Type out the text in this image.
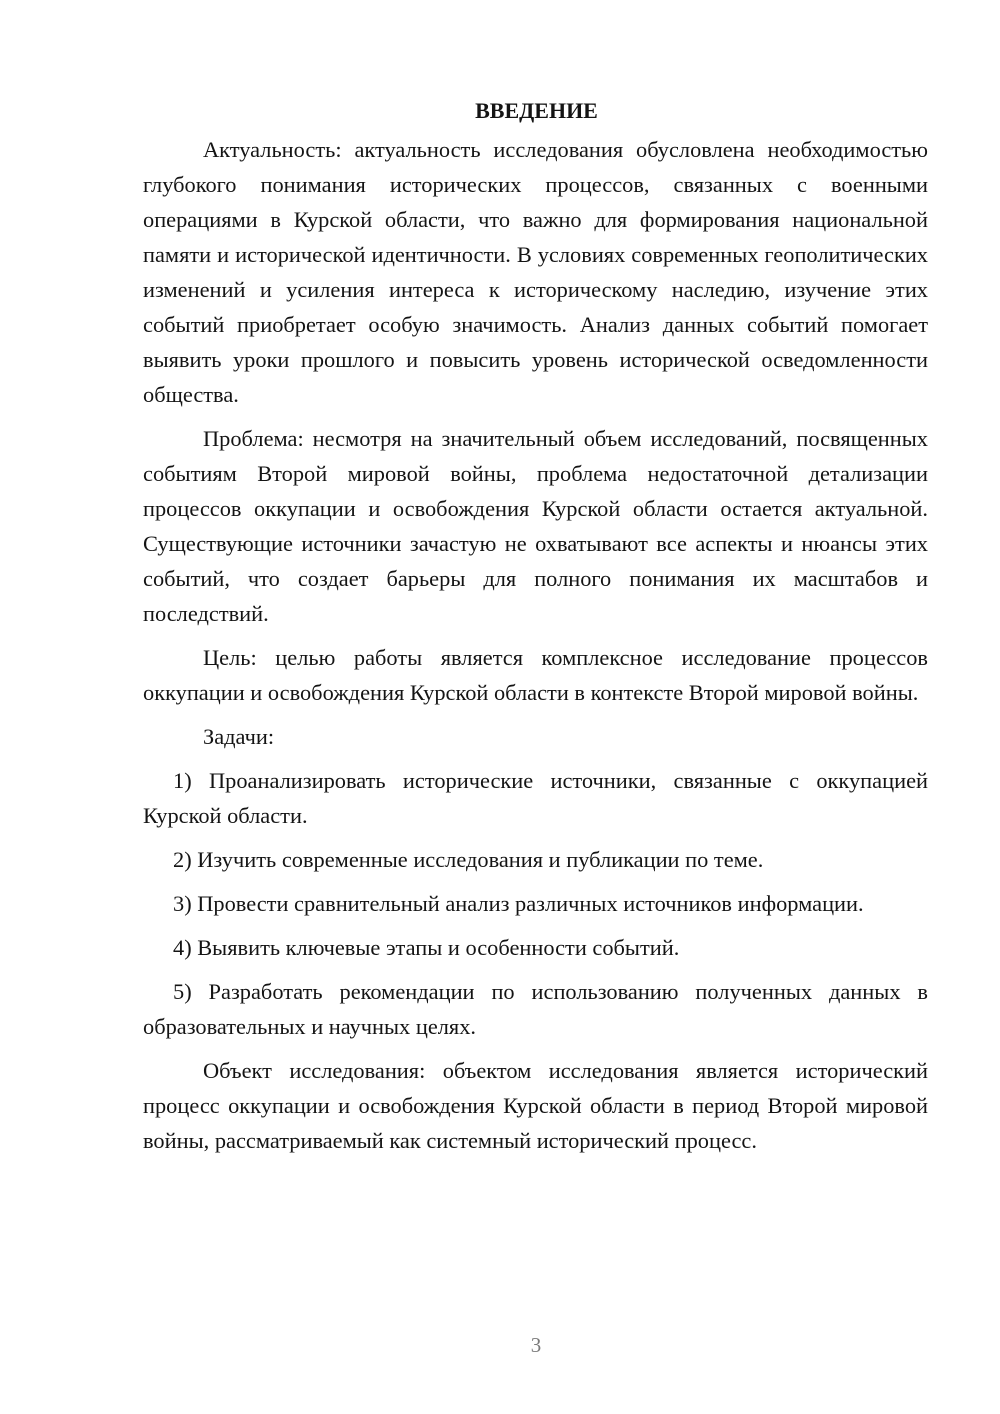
ВВЕДЕНИЕ

Актуальность: актуальность исследования обусловлена необходимостью глубокого понимания исторических процессов, связанных с военными операциями в Курской области, что важно для формирования национальной памяти и исторической идентичности. В условиях современных геополитических изменений и усиления интереса к историческому наследию, изучение этих событий приобретает особую значимость. Анализ данных событий помогает выявить уроки прошлого и повысить уровень исторической осведомленности общества.

Проблема: несмотря на значительный объем исследований, посвященных событиям Второй мировой войны, проблема недостаточной детализации процессов оккупации и освобождения Курской области остается актуальной. Существующие источники зачастую не охватывают все аспекты и нюансы этих событий, что создает барьеры для полного понимания их масштабов и последствий.

Цель: целью работы является комплексное исследование процессов оккупации и освобождения Курской области в контексте Второй мировой войны.

Задачи:

1) Проанализировать исторические источники, связанные с оккупацией Курской области.

2) Изучить современные исследования и публикации по теме.

3) Провести сравнительный анализ различных источников информации.

4) Выявить ключевые этапы и особенности событий.

5) Разработать рекомендации по использованию полученных данных в образовательных и научных целях.

Объект исследования: объектом исследования является исторический процесс оккупации и освобождения Курской области в период Второй мировой войны, рассматриваемый как системный исторический процесс.

3
